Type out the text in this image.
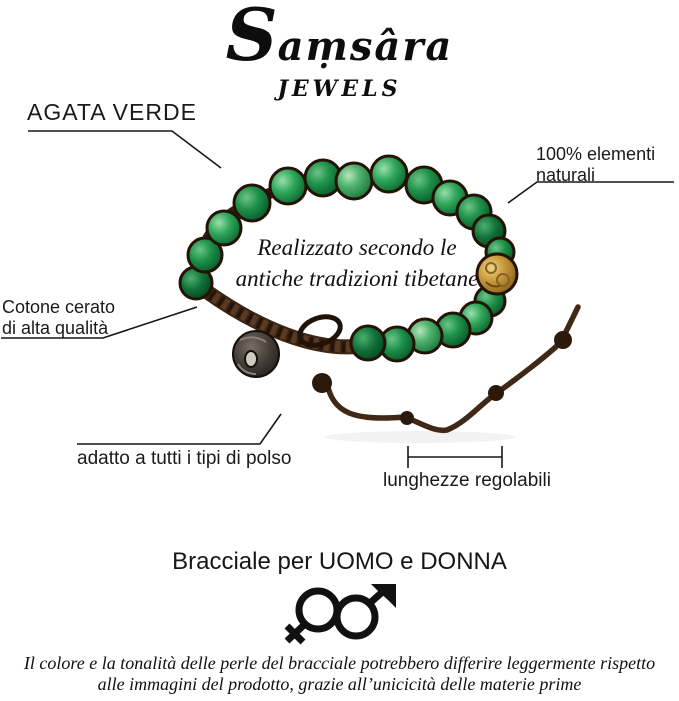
Saṃsâra
JEWELS
AGATA VERDE
100% elementi
naturali
Cotone cerato
di alta qualità
adatto a tutti i tipi di polso
lunghezze regolabili
Realizzato secondo le
antiche tradizioni tibetane
Bracciale per UOMO e DONNA
Il colore e la tonalità delle perle del bracciale potrebbero differire leggermente rispetto
alle immagini del prodotto, grazie all’unicicità delle materie prime
